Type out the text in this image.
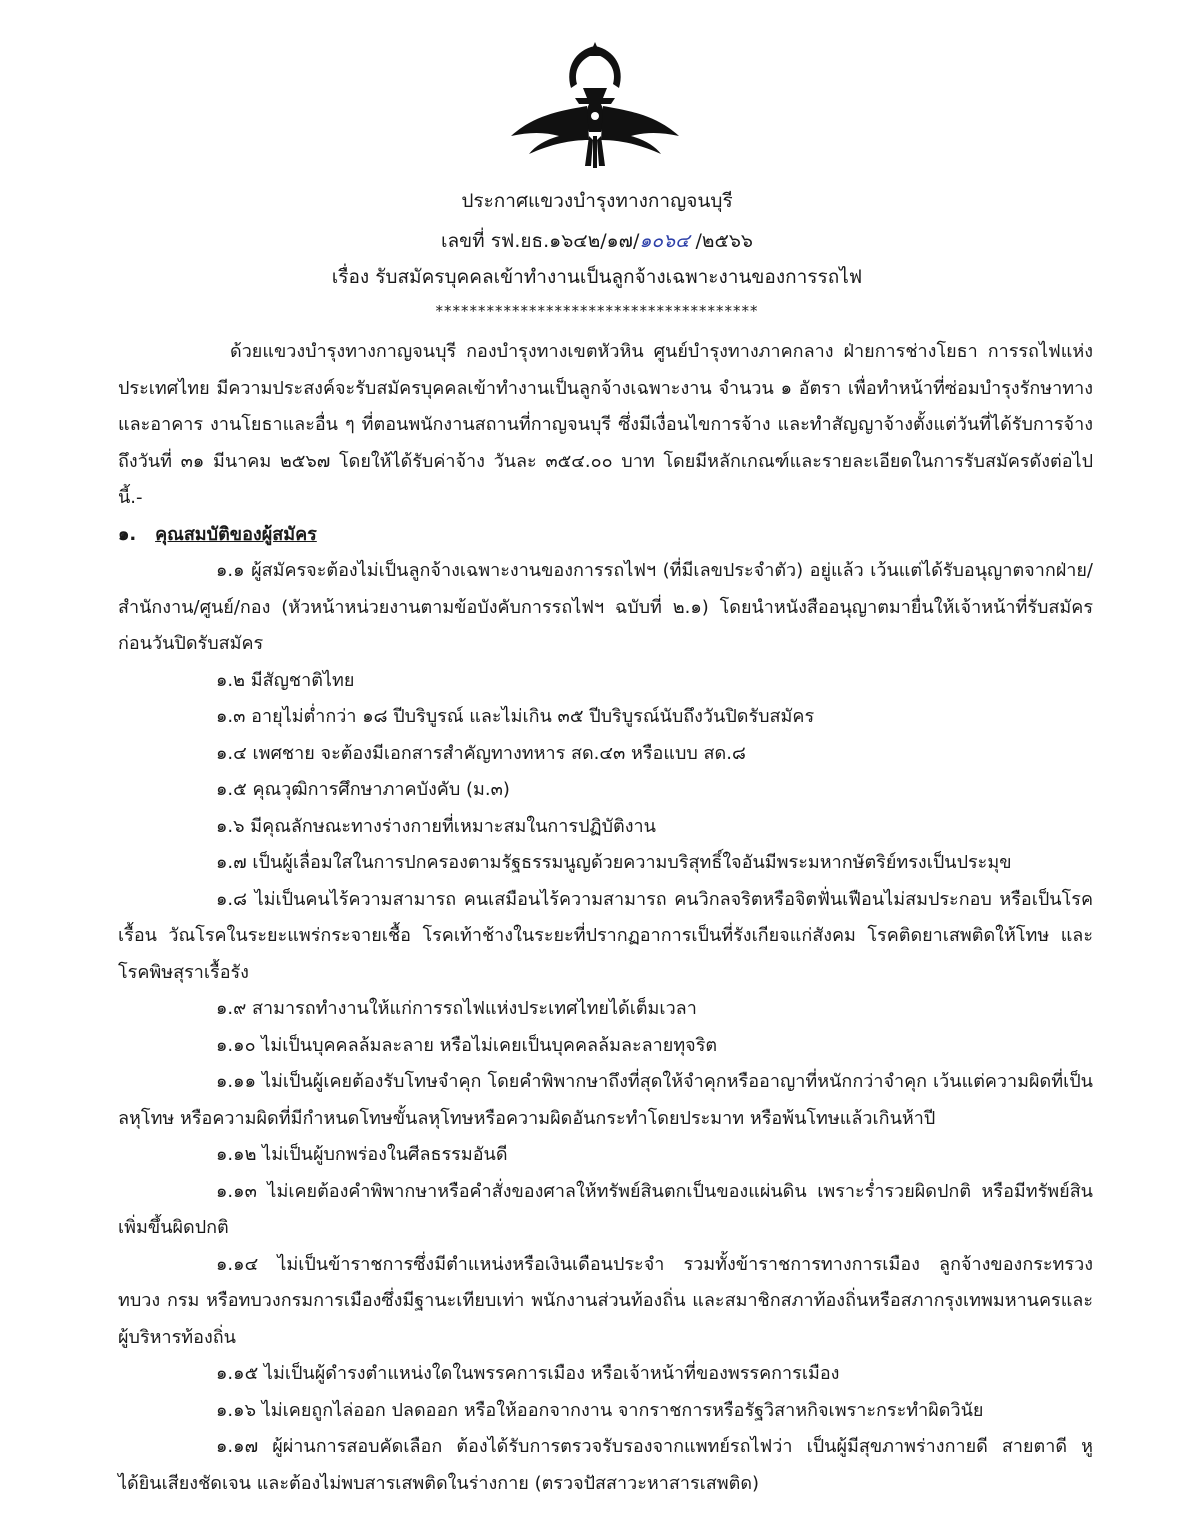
ประกาศแขวงบำรุงทางกาญจนบุรี
เลขที่ รฟ.ยธ.๑๖๔๒/๑๗/๑๐๖๔ /๒๕๖๖
เรื่อง รับสมัครบุคคลเข้าทำงานเป็นลูกจ้างเฉพาะงานของการรถไฟ
**************************************

ด้วยแขวงบำรุงทางกาญจนบุรี กองบำรุงทางเขตหัวหิน ศูนย์บำรุงทางภาคกลาง ฝ่ายการช่างโยธา การรถไฟแห่งประเทศไทย มีความประสงค์จะรับสมัครบุคคลเข้าทำงานเป็นลูกจ้างเฉพาะงาน จำนวน ๑ อัตรา เพื่อทำหน้าที่ซ่อมบำรุงรักษาทาง และอาคาร งานโยธาและอื่น ๆ ที่ตอนพนักงานสถานที่กาญจนบุรี ซึ่งมีเงื่อนไขการจ้าง และทำสัญญาจ้างตั้งแต่วันที่ได้รับการจ้าง ถึงวันที่ ๓๑ มีนาคม ๒๕๖๗ โดยให้ได้รับค่าจ้าง วันละ ๓๕๔.๐๐ บาท โดยมีหลักเกณฑ์และรายละเอียดในการรับสมัครดังต่อไปนี้.-

๑. คุณสมบัติของผู้สมัคร

๑.๑ ผู้สมัครจะต้องไม่เป็นลูกจ้างเฉพาะงานของการรถไฟฯ (ที่มีเลขประจำตัว) อยู่แล้ว เว้นแต่ได้รับอนุญาตจากฝ่าย/สำนักงาน/ศูนย์/กอง (หัวหน้าหน่วยงานตามข้อบังคับการรถไฟฯ ฉบับที่ ๒.๑) โดยนำหนังสืออนุญาตมายื่นให้เจ้าหน้าที่รับสมัครก่อนวันปิดรับสมัคร

๑.๒ มีสัญชาติไทย

๑.๓ อายุไม่ต่ำกว่า ๑๘ ปีบริบูรณ์ และไม่เกิน ๓๕ ปีบริบูรณ์นับถึงวันปิดรับสมัคร

๑.๔ เพศชาย จะต้องมีเอกสารสำคัญทางทหาร สด.๔๓ หรือแบบ สด.๘

๑.๕ คุณวุฒิการศึกษาภาคบังคับ (ม.๓)

๑.๖ มีคุณลักษณะทางร่างกายที่เหมาะสมในการปฏิบัติงาน

๑.๗ เป็นผู้เลื่อมใสในการปกครองตามรัฐธรรมนูญด้วยความบริสุทธิ์ใจอันมีพระมหากษัตริย์ทรงเป็นประมุข

๑.๘ ไม่เป็นคนไร้ความสามารถ คนเสมือนไร้ความสามารถ คนวิกลจริตหรือจิตฟั่นเฟือนไม่สมประกอบ หรือเป็นโรคเรื้อน วัณโรคในระยะแพร่กระจายเชื้อ โรคเท้าช้างในระยะที่ปรากฏอาการเป็นที่รังเกียจแก่สังคม โรคติดยาเสพติดให้โทษ และโรคพิษสุราเรื้อรัง

๑.๙ สามารถทำงานให้แก่การรถไฟแห่งประเทศไทยได้เต็มเวลา

๑.๑๐ ไม่เป็นบุคคลล้มละลาย หรือไม่เคยเป็นบุคคลล้มละลายทุจริต

๑.๑๑ ไม่เป็นผู้เคยต้องรับโทษจำคุก โดยคำพิพากษาถึงที่สุดให้จำคุกหรืออาญาที่หนักกว่าจำคุก เว้นแต่ความผิดที่เป็นลหุโทษ หรือความผิดที่มีกำหนดโทษขั้นลหุโทษหรือความผิดอันกระทำโดยประมาท หรือพ้นโทษแล้วเกินห้าปี

๑.๑๒ ไม่เป็นผู้บกพร่องในศีลธรรมอันดี

๑.๑๓ ไม่เคยต้องคำพิพากษาหรือคำสั่งของศาลให้ทรัพย์สินตกเป็นของแผ่นดิน เพราะร่ำรวยผิดปกติ หรือมีทรัพย์สินเพิ่มขึ้นผิดปกติ

๑.๑๔ ไม่เป็นข้าราชการซึ่งมีตำแหน่งหรือเงินเดือนประจำ รวมทั้งข้าราชการทางการเมือง ลูกจ้างของกระทรวง ทบวง กรม หรือทบวงกรมการเมืองซึ่งมีฐานะเทียบเท่า พนักงานส่วนท้องถิ่น และสมาชิกสภาท้องถิ่นหรือสภากรุงเทพมหานครและผู้บริหารท้องถิ่น

๑.๑๕ ไม่เป็นผู้ดำรงตำแหน่งใดในพรรคการเมือง หรือเจ้าหน้าที่ของพรรคการเมือง

๑.๑๖ ไม่เคยถูกไล่ออก ปลดออก หรือให้ออกจากงาน จากราชการหรือรัฐวิสาหกิจเพราะกระทำผิดวินัย

๑.๑๗ ผู้ผ่านการสอบคัดเลือก ต้องได้รับการตรวจรับรองจากแพทย์รถไฟว่า เป็นผู้มีสุขภาพร่างกายดี สายตาดี หูได้ยินเสียงชัดเจน และต้องไม่พบสารเสพติดในร่างกาย (ตรวจปัสสาวะหาสารเสพติด)
